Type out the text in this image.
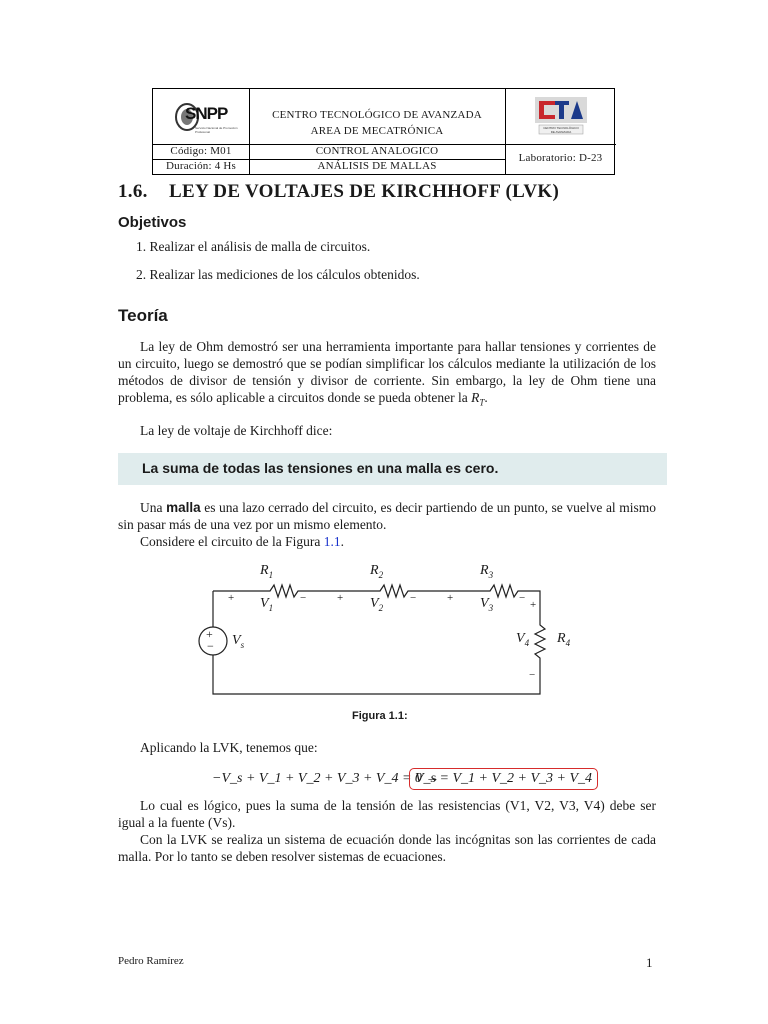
SNPP
Servicio Nacional de Promoción Profesional
CENTRO TECNOLÓGICO DE AVANZADA
AREA DE MECATRÓNICA
Código: M01
Duración: 4 Hs
CONTROL ANALOGICO
ANÁLISIS DE MALLAS
Laboratorio: D-23
CENTRO TECNOLÓGICO DE AVANZADA
1.6. LEY DE VOLTAJES DE KIRCHHOFF (LVK)
Objetivos
1. Realizar el análisis de malla de circuitos.
2. Realizar las mediciones de los cálculos obtenidos.
Teoría
La ley de Ohm demostró ser una herramienta importante para hallar tensiones y corrientes de un circuito, luego se demostró que se podían simplificar los cálculos mediante la utilización de los métodos de divisor de tensión y divisor de corriente. Sin embargo, la ley de Ohm tiene una problema, es sólo aplicable a circuitos donde se pueda obtener la $R_T$.
La ley de voltaje de Kirchhoff dice:
La suma de todas las tensiones en una malla es cero.
Una malla es una lazo cerrado del circuito, es decir partiendo de un punto, se vuelve al mismo sin pasar más de una vez por un mismo elemento.
Considere el circuito de la Figura 1.1.
+
− $V_s$
$R_1$
$V_1$
$R_2$
$V_2$
$R_3$
$V_3$
$R_4$
$V_4$
+	−	+	−	+	−
+
−
Figura 1.1:
Aplicando la LVK, tenemos que:
−V_s + V_1 + V_2 + V_3 + V_4 = 0 →
V_s = V_1 + V_2 + V_3 + V_4
Lo cual es lógico, pues la suma de la tensión de las resistencias (V1, V2, V3, V4) debe ser igual a la fuente (Vs).
Con la LVK se realiza un sistema de ecuación donde las incógnitas son las corrientes de cada malla. Por lo tanto se deben resolver sistemas de ecuaciones.
Pedro Ramírez	1
